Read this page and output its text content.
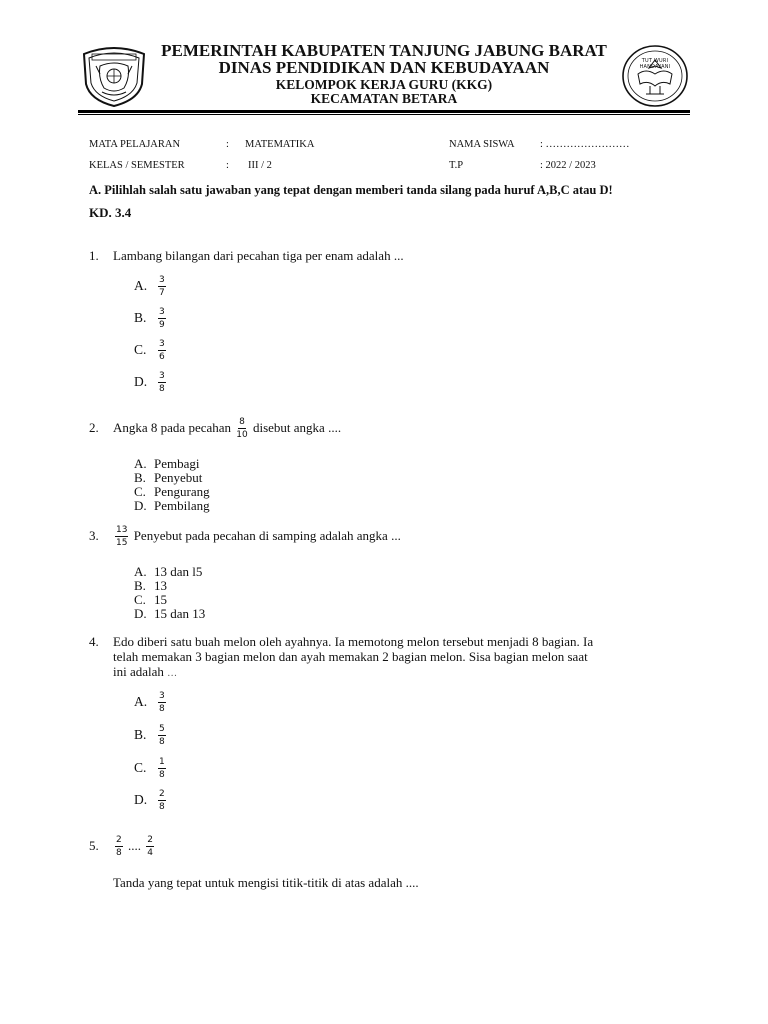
TUT WURI HANDAYANI
PEMERINTAH KABUPATEN TANJUNG JABUNG BARAT
DINAS PENDIDIKAN DAN KEBUDAYAAN
KELOMPOK KERJA GURU (KKG)
KECAMATAN BETARA
MATA PELAJARAN	: MATEMATIKA	NAMA SISWA : ……………………
KELAS / SEMESTER	: III / 2	T.P	: 2022 / 2023
A. Pilihlah salah satu jawaban yang tepat dengan memberi tanda silang pada huruf A,B,C atau D!
KD. 3.4
1. Lambang bilangan dari pecahan tiga per enam adalah ...
A. $\frac{3}{7}$
B. $\frac{3}{9}$
C. $\frac{3}{6}$
D. $\frac{3}{8}$
2. Angka 8 pada pecahan $\frac{8}{10}$ disebut angka ....
A. Pembagi
B. Penyebut
C. Pengurang
D. Pembilang
3. $\frac{13}{15}$ Penyebut pada pecahan di samping adalah angka ...
A. 13 dan l5
B. 13
C. 15
D. 15 dan 13
4. Edo diberi satu buah melon oleh ayahnya. Ia memotong melon tersebut menjadi 8 bagian. Ia
telah memakan 3 bagian melon dan ayah memakan 2 bagian melon. Sisa bagian melon saat
ini adalah …
A. $\frac{3}{8}$
B. $\frac{5}{8}$
C. $\frac{1}{8}$
D. $\frac{2}{8}$
5. $\frac{2}{8}$ .... $\frac{2}{4}$
Tanda yang tepat untuk mengisi titik-titik di atas adalah ....
